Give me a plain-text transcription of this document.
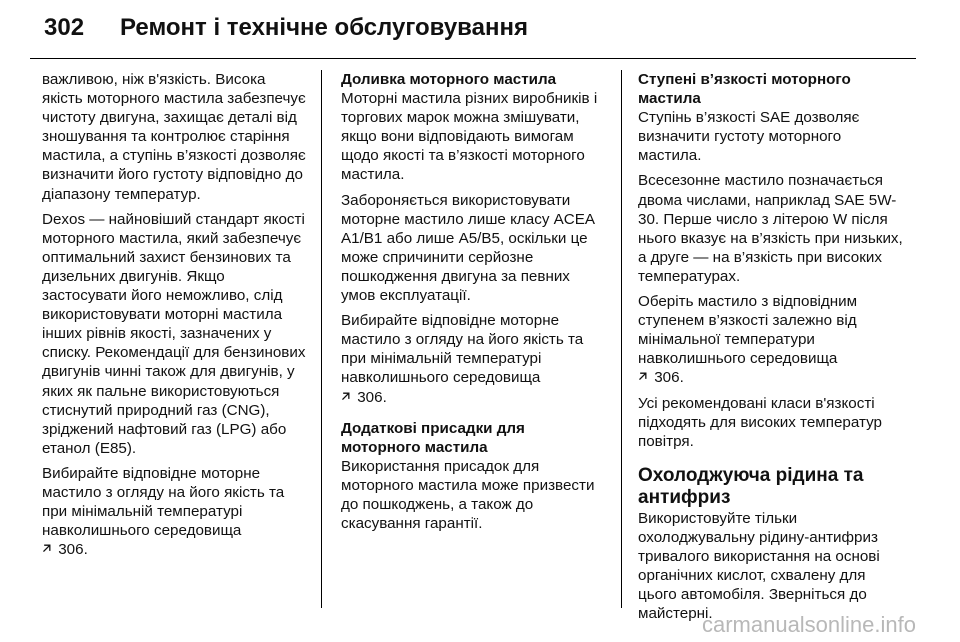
302	Ремонт і технічне обслуговування

важливою, ніж в'язкість. Висока якість моторного мастила забезпечує чистоту двигуна, захищає деталі від зношування та контролює старіння мастила, а ступінь в’язкості дозволяє визначити його густоту відповідно до діапазону температур.

Dexos — найновіший стандарт якості моторного мастила, який забезпечує оптимальний захист бензинових та дизельних двигунів. Якщо застосувати його неможливо, слід використовувати моторні мастила інших рівнів якості, зазначених у списку. Рекомендації для бензинових двигунів чинні також для двигунів, у яких як пальне використовуються стиснутий природний газ (CNG), зріджений нафтовий газ (LPG) або етанол (E85).

Вибирайте відповідне моторне мастило з огляду на його якість та при мінімальній температурі навколишнього середовища
306.

Доливка моторного мастила

Моторні мастила різних виробників і торгових марок можна змішувати, якщо вони відповідають вимогам щодо якості та в’язкості моторного мастила.

Забороняється використовувати моторне мастило лише класу ACEA A1/B1 або лише A5/B5, оскільки це може спричинити серйозне пошкодження двигуна за певних умов експлуатації.

Вибирайте відповідне моторне мастило з огляду на його якість та при мінімальній температурі навколишнього середовища
306.

Додаткові присадки для моторного мастила

Використання присадок для моторного мастила може призвести до пошкоджень, а також до скасування гарантії.

Ступені в’язкості моторного мастила

Ступінь в’язкості SAE дозволяє визначити густоту моторного мастила.

Всесезонне мастило позначається двома числами, наприклад SAE 5W-30. Перше число з літерою W після нього вказує на в’язкість при низьких, а друге — на в’язкість при високих температурах.

Оберіть мастило з відповідним ступенем в’язкості залежно від мінімальної температури навколишнього середовища
306.

Усі рекомендовані класи в'язкості підходять для високих температур повітря.

Охолоджуюча рідина та антифриз

Використовуйте тільки охолоджувальну рідину-антифриз тривалого використання на основі органічних кислот, схвалену для цього автомобіля. Зверніться до майстерні.

carmanualsonline.info
